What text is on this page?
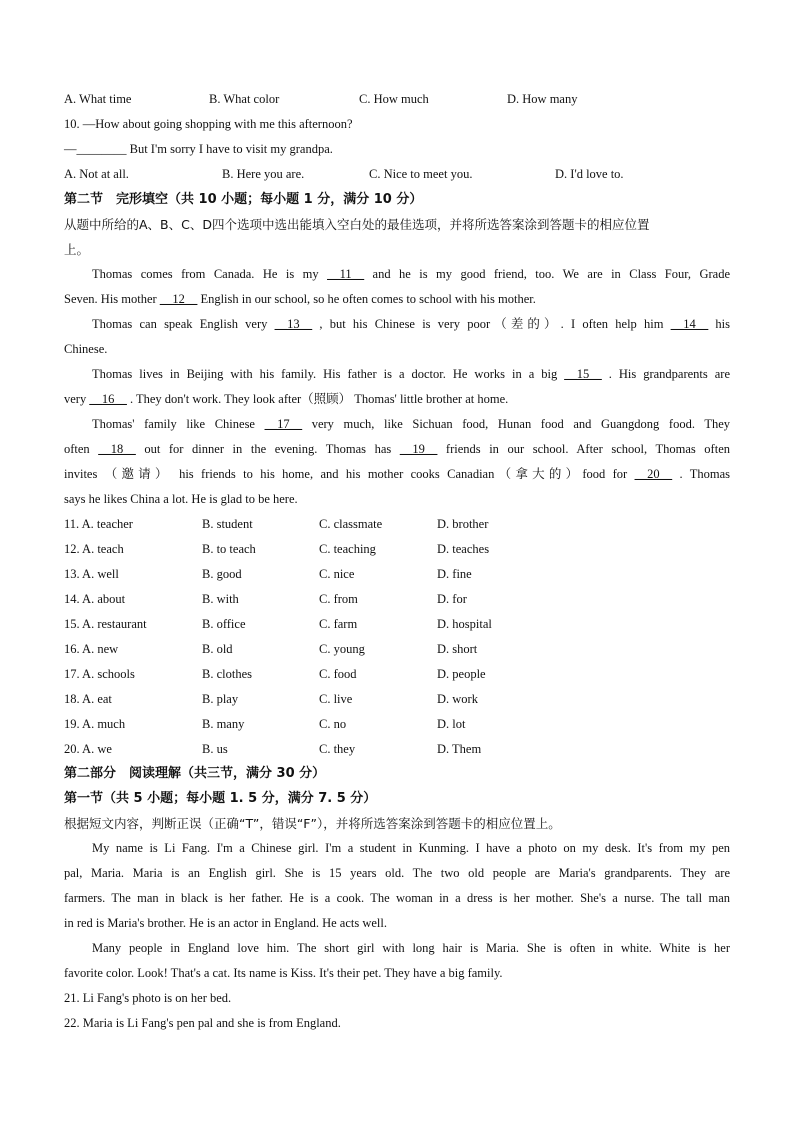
A. What time	B. What color	C. How much	D. How many
10. —How about going shopping with me this afternoon?
—________ But I'm sorry I have to visit my grandpa.
A. Not at all.	B. Here you are.	C. Nice to meet you.	D. I'd love to.
第二节　完形填空（共 10 小题；每小题 1 分，满分 10 分）
从题中所给的A、B、C、D四个选项中选出能填入空白处的最佳选项，并将所选答案涂到答题卡的相应位置
上。
Thomas comes from Canada. He is my __11__ and he is my good friend, too. We are in Class Four, Grade
Seven. His mother __12__ English in our school, so he often comes to school with his mother.
Thomas can speak English very __13__ , but his Chinese is very poor（差的）. I often help him __14__ his
Chinese.
Thomas lives in Beijing with his family. His father is a doctor. He works in a big __15__ . His grandparents are
very __16__ . They don't work. They look after（照顾） Thomas' little brother at home.
Thomas' family like Chinese __17__ very much, like Sichuan food, Hunan food and Guangdong food. They
often __18__ out for dinner in the evening. Thomas has __19__ friends in our school. After school, Thomas often
invites （邀请） his friends to his home, and his mother cooks Canadian（拿大的）food for __20__ . Thomas
says he likes China a lot. He is glad to be here.
11. A. teacher	B. student	C. classmate	D. brother
12. A. teach	B. to teach	C. teaching	D. teaches
13. A. well	B. good	C. nice	D. fine
14. A. about	B. with	C. from	D. for
15. A. restaurant	B. office	C. farm	D. hospital
16. A. new	B. old	C. young	D. short
17. A. schools	B. clothes	C. food	D. people
18. A. eat	B. play	C. live	D. work
19. A. much	B. many	C. no	D. lot
20. A. we	B. us	C. they	D. Them
第二部分　阅读理解（共三节，满分 30 分）
第一节（共 5 小题；每小题 1. 5 分，满分 7. 5 分）
根据短文内容，判断正误（正确“T”，错误“F”），并将所选答案涂到答题卡的相应位置上。
My name is Li Fang. I'm a Chinese girl. I'm a student in Kunming. I have a photo on my desk. It's from my pen
pal, Maria. Maria is an English girl. She is 15 years old. The two old people are Maria's grandparents. They are
farmers. The man in black is her father. He is a cook. The woman in a dress is her mother. She's a nurse. The tall man
in red is Maria's brother. He is an actor in England. He acts well.
Many people in England love him. The short girl with long hair is Maria. She is often in white. White is her
favorite color. Look! That's a cat. Its name is Kiss. It's their pet. They have a big family.
21. Li Fang's photo is on her bed.
22. Maria is Li Fang's pen pal and she is from England.
